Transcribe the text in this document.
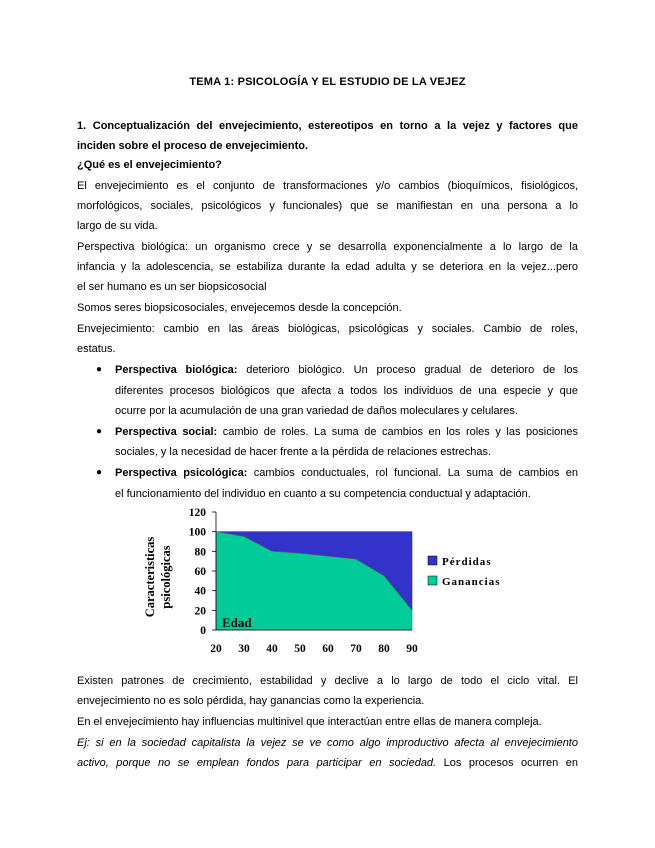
TEMA 1: PSICOLOGÍA Y EL ESTUDIO DE LA VEJEZ
1. Conceptualización del envejecimiento, estereotipos en torno a la vejez y factores que
inciden sobre el proceso de envejecimiento.
¿Qué es el envejecimiento?
El envejecimiento es el conjunto de transformaciones y/o cambios (bioquímicos, fisiológicos,
morfológicos, sociales, psicológicos y funcionales) que se manifiestan en una persona a lo
largo de su vida.
Perspectiva biológica: un organismo crece y se desarrolla exponencialmente a lo largo de la
infancia y la adolescencia, se estabiliza durante la edad adulta y se deteriora en la vejez...pero
el ser humano es un ser biopsicosocial
Somos seres biopsicosociales, envejecemos desde la concepción.
Envejecimiento: cambio en las áreas biológicas, psicológicas y sociales. Cambio de roles,
estatus.
● Perspectiva biológica: deterioro biológico. Un proceso gradual de deterioro de los
diferentes procesos biológicos que afecta a todos los individuos de una especie y que
ocurre por la acumulación de una gran variedad de daños moleculares y celulares.
● Perspectiva social: cambio de roles. La suma de cambios en los roles y las posiciones
sociales, y la necesidad de hacer frente a la pérdida de relaciones estrechas.
● Perspectiva psicológica: cambios conductuales, rol funcional. La suma de cambios en
el funcionamiento del individuo en cuanto a su competencia conductual y adaptación.
0
20
40
60
80
100
120
20 30 40 50 60 70 80 90
Edad
Caracteristicas psicológicas	Pérdidas
Ganancias
Existen patrones de crecimiento, estabilidad y declive a lo largo de todo el ciclo vital. El
envejecimiento no es solo pérdida, hay ganancias como la experiencia.
En el envejecimiento hay influencias multinivel que interactúan entre ellas de manera compleja.
Ej: si en la sociedad capitalista la vejez se ve como algo improductivo afecta al envejecimiento
activo, porque no se emplean fondos para participar en sociedad. Los procesos ocurren en
